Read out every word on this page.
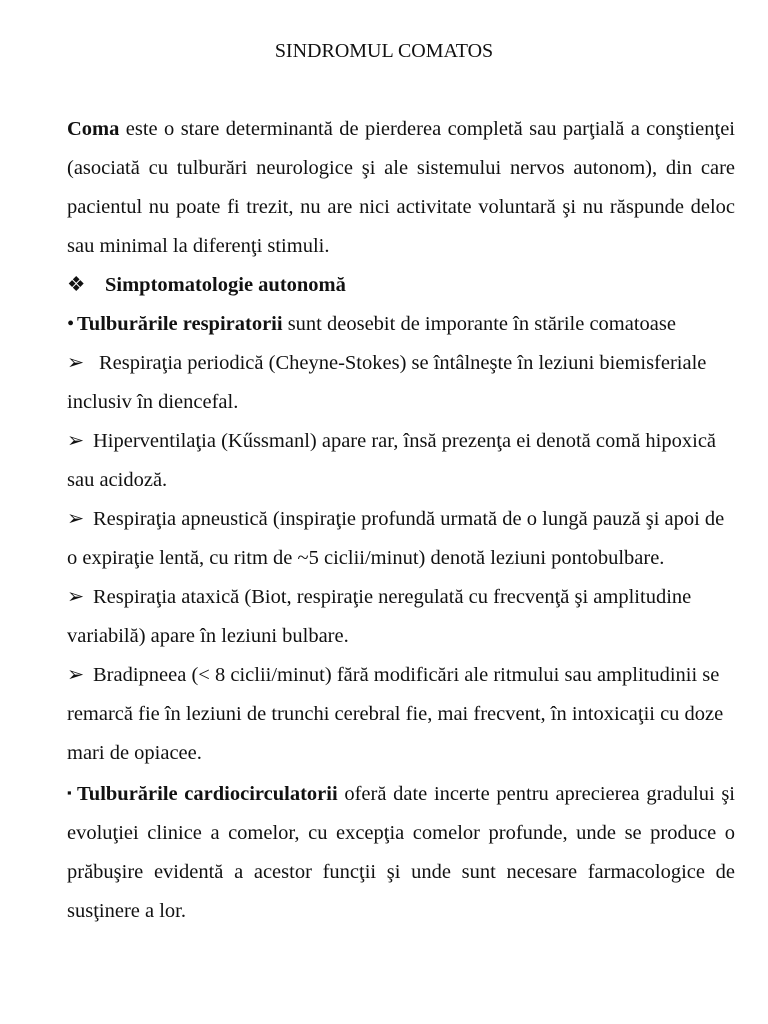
SINDROMUL COMATOS

Coma este o stare determinantă de pierderea completă sau parţială a conştienţei (asociată cu tulburări neurologice şi ale sistemului nervos autonom), din care pacientul nu poate fi trezit, nu are nici activitate voluntară şi nu răspunde deloc sau minimal la diferenţi stimuli.

❖ Simptomatologie autonomă

• Tulburările respiratorii sunt deosebit de imporante în stările comatoase

➢ Respiraţia periodică (Cheyne-Stokes) se întâlneşte în leziuni biemisferiale inclusiv în diencefal.

➢ Hiperventilaţia (Kűssmanl) apare rar, însă prezenţa ei denotă comă hipoxică sau acidoză.

➢ Respiraţia apneustică (inspiraţie profundă urmată de o lungă pauză şi apoi de o expiraţie lentă, cu ritm de ~5 ciclii/minut) denotă leziuni pontobulbare.

➢ Respiraţia ataxică (Biot, respiraţie neregulată cu frecvenţă şi amplitudine variabilă) apare în leziuni bulbare.

➢ Bradipneea (< 8 ciclii/minut) fără modificări ale ritmului sau amplitudinii se remarcă fie în leziuni de trunchi cerebral fie, mai frecvent, în intoxicaţii cu doze mari de opiacee.

▪ Tulburările cardiocirculatorii oferă date incerte pentru aprecierea gradului şi evoluţiei clinice a comelor, cu excepţia comelor profunde, unde se produce o prăbuşire evidentă a acestor funcţii şi unde sunt necesare farmacologice de susţinere a lor.
